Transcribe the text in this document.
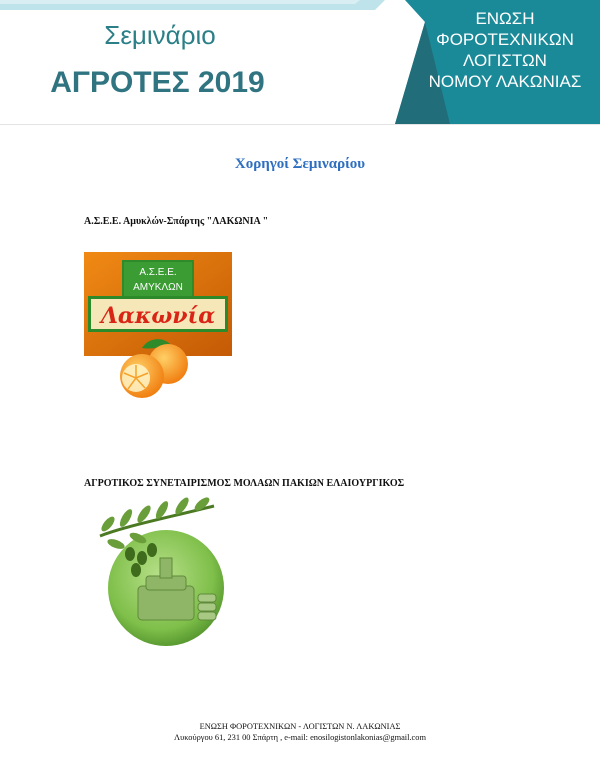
Σεμινάριο
ΑΓΡΟΤΕΣ 2019
ΕΝΩΣΗ
ΦΟΡΟΤΕΧΝΙΚΩΝ
ΛΟΓΙΣΤΩΝ
ΝΟΜΟΥ ΛΑΚΩΝΙΑΣ
Χορηγοί Σεμιναρίου
Α.Σ.Ε.Ε. Αμυκλών-Σπάρτης "ΛΑΚΩΝΙΑ "
Α.Σ.Ε.Ε.
ΑΜΥΚΛΩΝ
Λακωνία
ΑΓΡΟΤΙΚΟΣ ΣΥΝΕΤΑΙΡΙΣΜΟΣ ΜΟΛΑΩΝ ΠΑΚΙΩΝ ΕΛΑΙΟΥΡΓΙΚΟΣ
ΕΝΩΣΗ ΦΟΡΟΤΕΧΝΙΚΩΝ - ΛΟΓΙΣΤΩΝ Ν. ΛΑΚΩΝΙΑΣ
Λυκούργου 61, 231 00 Σπάρτη , e-mail: enosilogistonlakonias@gmail.com
